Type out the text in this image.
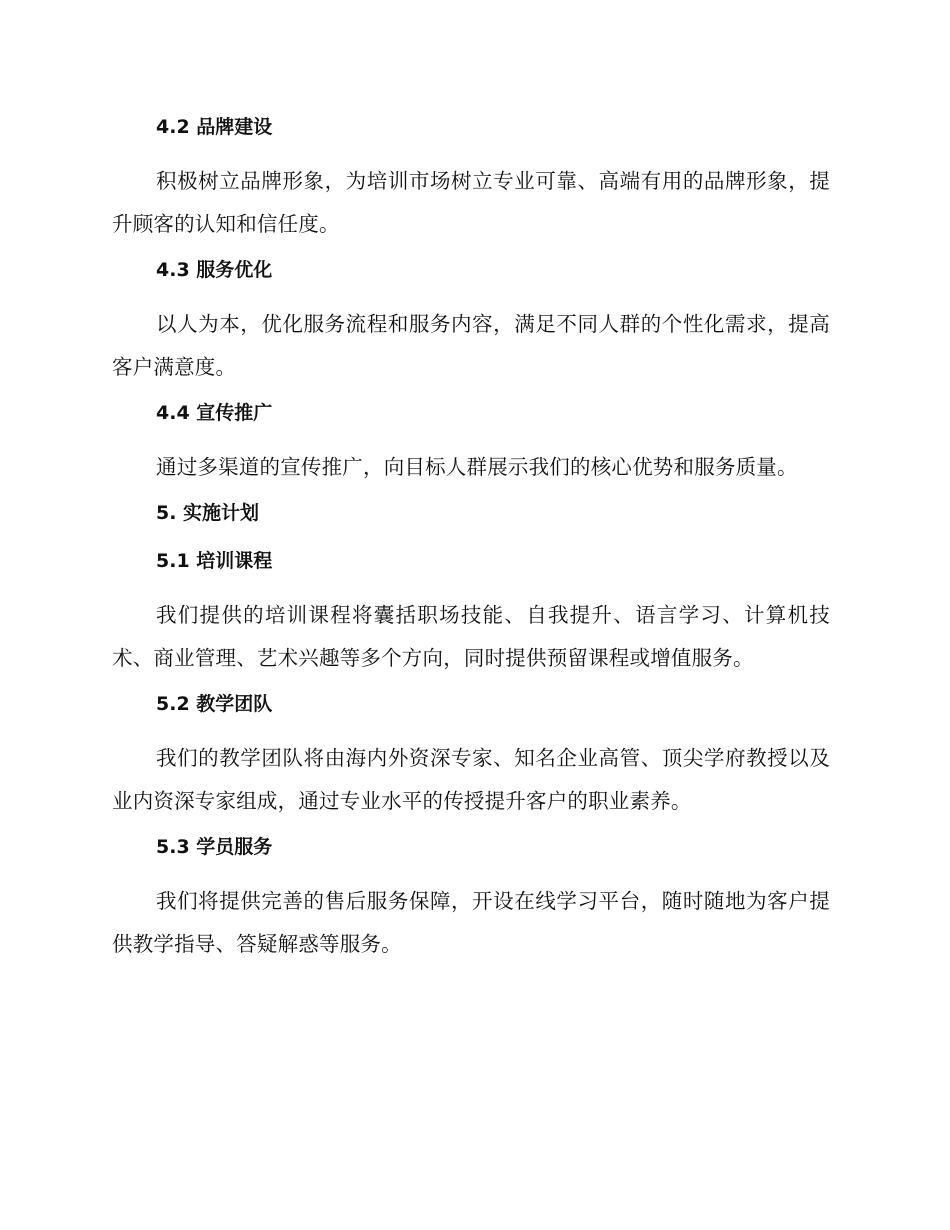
4.2 品牌建设

积极树立品牌形象，为培训市场树立专业可靠、高端有用的品牌形象，提升顾客的认知和信任度。

4.3 服务优化

以人为本，优化服务流程和服务内容，满足不同人群的个性化需求，提高客户满意度。

4.4 宣传推广

通过多渠道的宣传推广，向目标人群展示我们的核心优势和服务质量。

5. 实施计划
5.1 培训课程

我们提供的培训课程将囊括职场技能、自我提升、语言学习、计算机技术、商业管理、艺术兴趣等多个方向，同时提供预留课程或增值服务。

5.2 教学团队

我们的教学团队将由海内外资深专家、知名企业高管、顶尖学府教授以及业内资深专家组成，通过专业水平的传授提升客户的职业素养。

5.3 学员服务

我们将提供完善的售后服务保障，开设在线学习平台，随时随地为客户提供教学指导、答疑解惑等服务。
